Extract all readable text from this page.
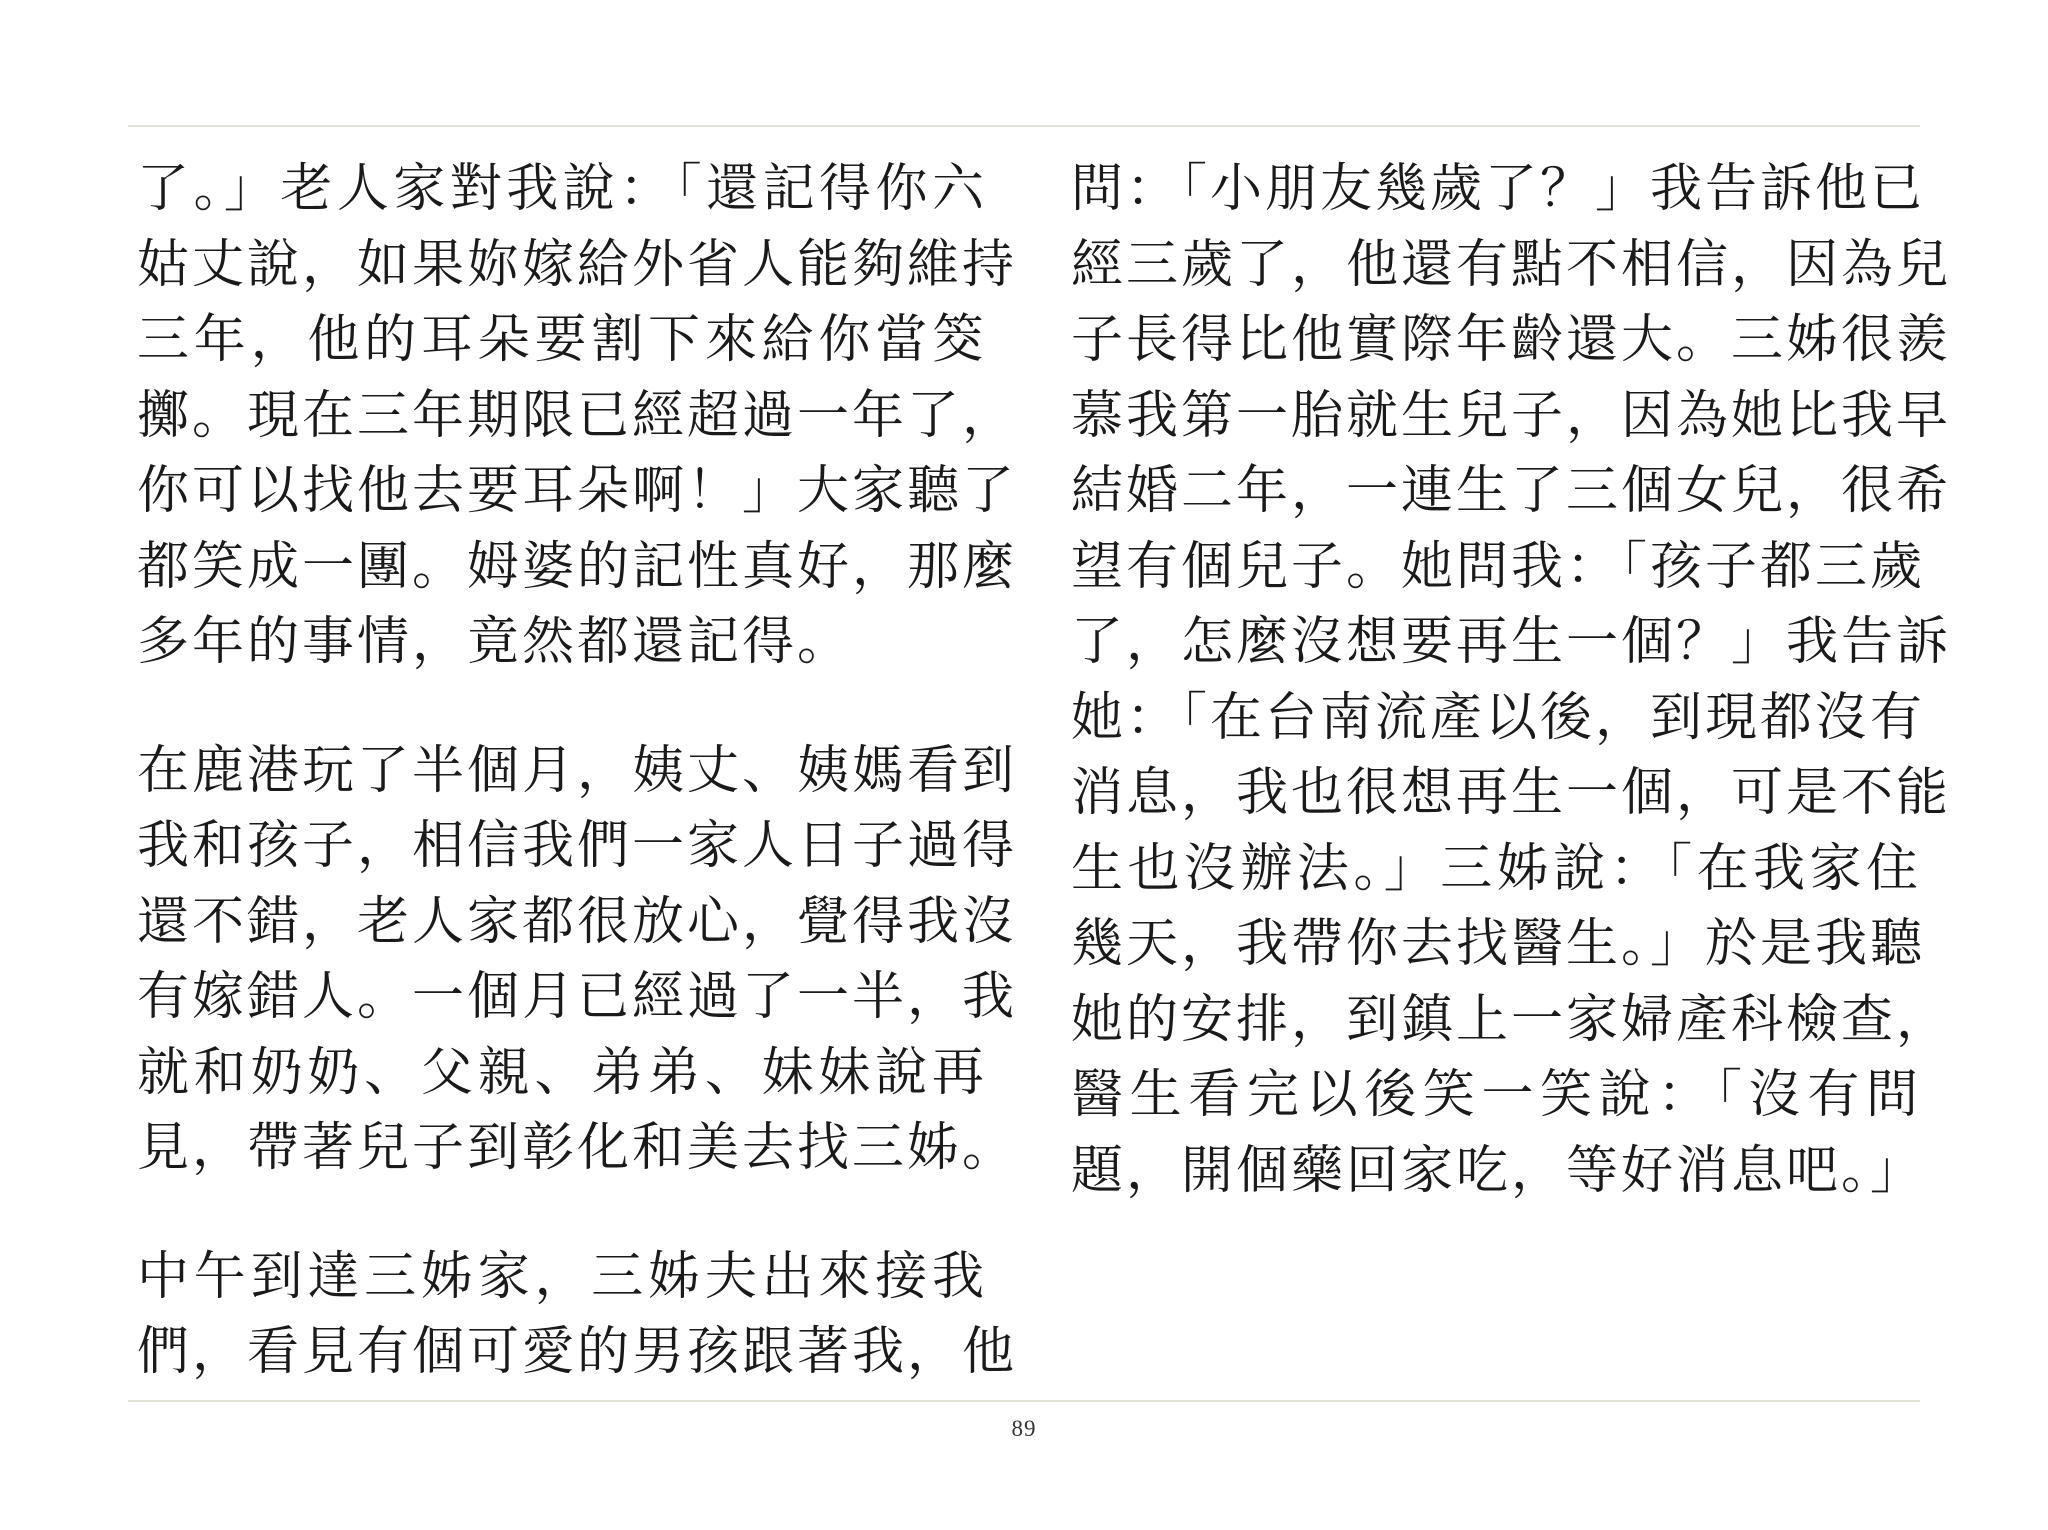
了。」老人家對我說：「還記得你六
姑丈說，如果妳嫁給外省人能夠維持
三年，他的耳朵要割下來給你當筊
擲。現在三年期限已經超過一年了，
你可以找他去要耳朵啊！」大家聽了
都笑成一團。姆婆的記性真好，那麼
多年的事情，竟然都還記得。
在鹿港玩了半個月，姨丈、姨媽看到
我和孩子，相信我們一家人日子過得
還不錯，老人家都很放心，覺得我沒
有嫁錯人。一個月已經過了一半，我
就和奶奶、父親、弟弟、妹妹說再
見，帶著兒子到彰化和美去找三姊。
中午到達三姊家，三姊夫出來接我
們，看見有個可愛的男孩跟著我，他
問：「小朋友幾歲了？」我告訴他已
經三歲了，他還有點不相信，因為兒
子長得比他實際年齡還大。三姊很羨
慕我第一胎就生兒子，因為她比我早
結婚二年，一連生了三個女兒，很希
望有個兒子。她問我：「孩子都三歲
了，怎麼沒想要再生一個？」我告訴
她：「在台南流產以後，到現都沒有
消息，我也很想再生一個，可是不能
生也沒辦法。」三姊說：「在我家住
幾天，我帶你去找醫生。」於是我聽
她的安排，到鎮上一家婦產科檢查，
醫生看完以後笑一笑說：「沒有問
題，開個藥回家吃，等好消息吧。」
89
